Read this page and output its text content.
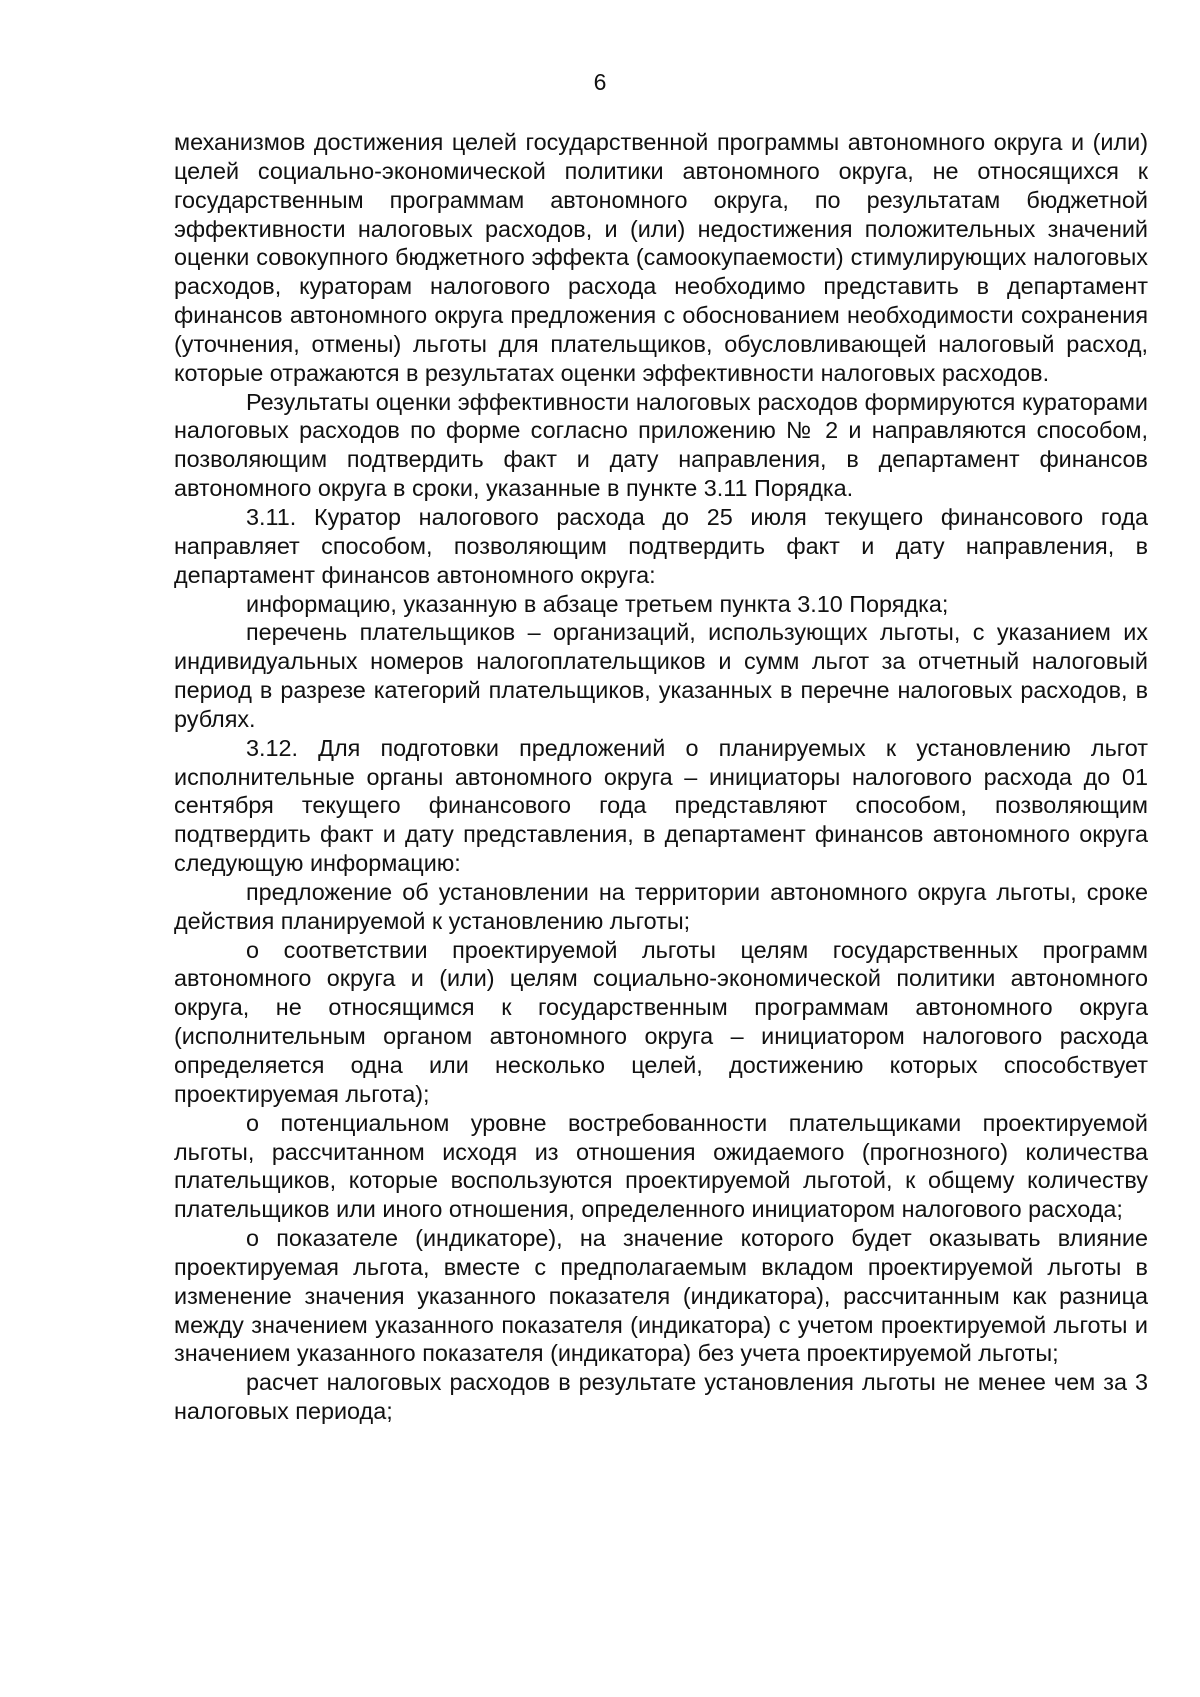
6

механизмов достижения целей государственной программы автономного округа и (или) целей социально-экономической политики автономного округа, не относящихся к государственным программам автономного округа, по результатам бюджетной эффективности налоговых расходов, и (или) недостижения положительных значений оценки совокупного бюджетного эффекта (самоокупаемости) стимулирующих налоговых расходов, кураторам налогового расхода необходимо представить в департамент финансов автономного округа предложения с обоснованием необходимости сохранения (уточнения, отмены) льготы для плательщиков, обусловливающей налоговый расход, которые отражаются в результатах оценки эффективности налоговых расходов.

Результаты оценки эффективности налоговых расходов формируются кураторами налоговых расходов по форме согласно приложению № 2 и направляются способом, позволяющим подтвердить факт и дату направления, в департамент финансов автономного округа в сроки, указанные в пункте 3.11 Порядка.

3.11. Куратор налогового расхода до 25 июля текущего финансового года направляет способом, позволяющим подтвердить факт и дату направления, в департамент финансов автономного округа:

информацию, указанную в абзаце третьем пункта 3.10 Порядка;

перечень плательщиков – организаций, использующих льготы, с указанием их индивидуальных номеров налогоплательщиков и сумм льгот за отчетный налоговый период в разрезе категорий плательщиков, указанных в перечне налоговых расходов, в рублях.

3.12. Для подготовки предложений о планируемых к установлению льгот исполнительные органы автономного округа – инициаторы налогового расхода до 01 сентября текущего финансового года представляют способом, позволяющим подтвердить факт и дату представления, в департамент финансов автономного округа следующую информацию:

предложение об установлении на территории автономного округа льготы, сроке действия планируемой к установлению льготы;

о соответствии проектируемой льготы целям государственных программ автономного округа и (или) целям социально-экономической политики автономного округа, не относящимся к государственным программам автономного округа (исполнительным органом автономного округа – инициатором налогового расхода определяется одна или несколько целей, достижению которых способствует проектируемая льгота);

о потенциальном уровне востребованности плательщиками проектируемой льготы, рассчитанном исходя из отношения ожидаемого (прогнозного) количества плательщиков, которые воспользуются проектируемой льготой, к общему количеству плательщиков или иного отношения, определенного инициатором налогового расхода;

о показателе (индикаторе), на значение которого будет оказывать влияние проектируемая льгота, вместе с предполагаемым вкладом проектируемой льготы в изменение значения указанного показателя (индикатора), рассчитанным как разница между значением указанного показателя (индикатора) с учетом проектируемой льготы и значением указанного показателя (индикатора) без учета проектируемой льготы;

расчет налоговых расходов в результате установления льготы не менее чем за 3 налоговых периода;
